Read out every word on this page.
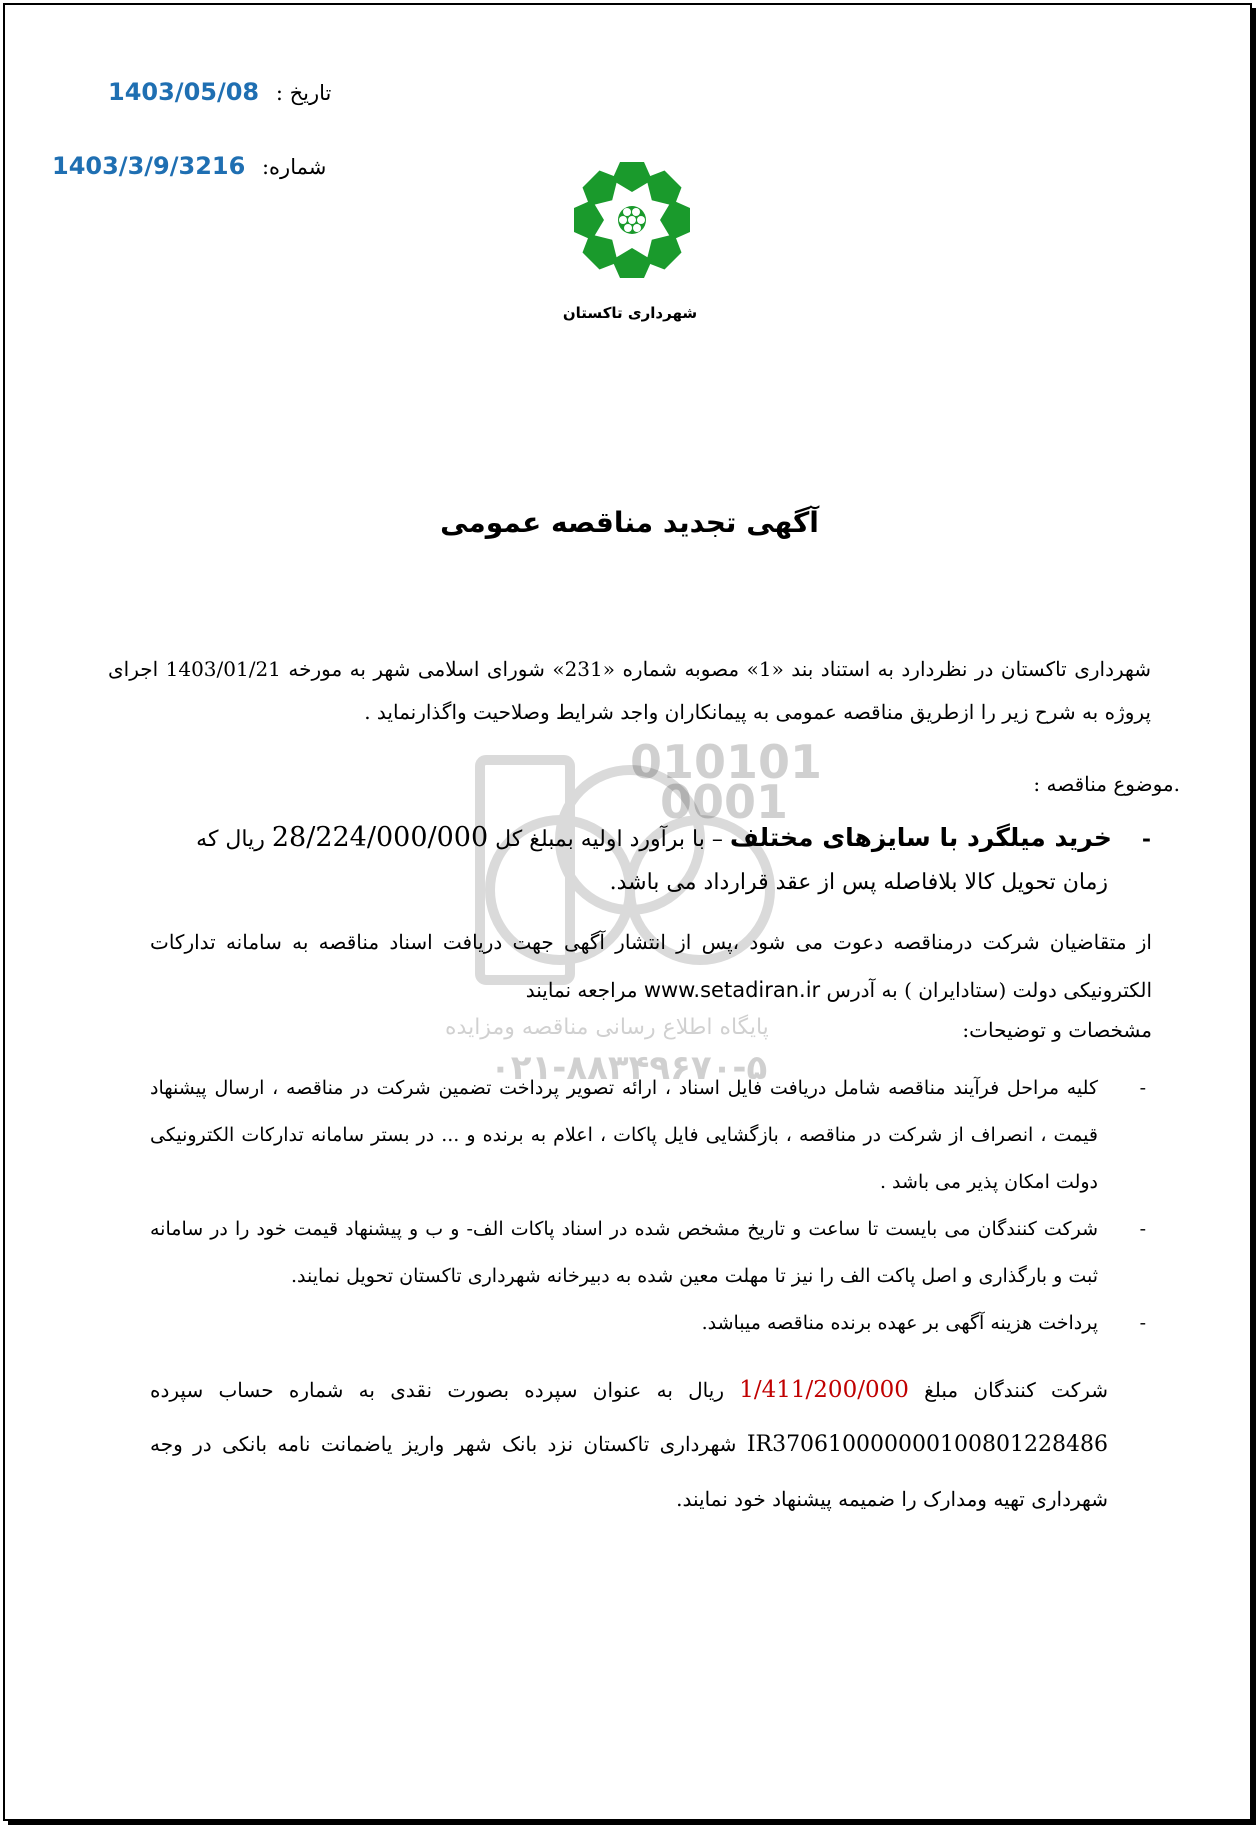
تاریخ : 1403/05/08
شماره: 1403/3/9/3216
شهرداری تاکستان
010101
0001
پایگاه اطلاع رسانی مناقصه ومزایده
۰۲۱-۸۸۳۴۹۶۷۰-۵
آگهی تجدید مناقصه عمومی
شهرداری تاکستان در نظردارد به استناد بند «1» مصوبه شماره «231» شورای اسلامی شهر به مورخه 1403/01/21 اجرای پروژه به شرح زیر را ازطریق مناقصه عمومی به پیمانکاران واجد شرایط وصلاحیت واگذارنماید .
.موضوع مناقصه :
-خرید میلگرد با سایزهای مختلف – با برآورد اولیه بمبلغ کل 28/224/000/000 ریال که
زمان تحویل کالا بلافاصله پس از عقد قرارداد می باشد.
از متقاضیان شرکت درمناقصه دعوت می شود ،پس از انتشار آگهی جهت دریافت اسناد مناقصه به سامانه تدارکات الکترونیکی دولت (ستادایران ) به آدرس www.setadiran.ir مراجعه نمایند
مشخصات و توضیحات:
- کلیه مراحل فرآیند مناقصه شامل دریافت فایل اسناد ، ارائه تصویر پرداخت تضمین شرکت در مناقصه ، ارسال پیشنهاد قیمت ، انصراف از شرکت در مناقصه ، بازگشایی فایل پاکات ، اعلام به برنده و ... در بستر سامانه تدارکات الکترونیکی دولت امکان پذیر می باشد .
- شرکت کنندگان می بایست تا ساعت و تاریخ مشخص شده در اسناد پاکات الف- و ب و پیشنهاد قیمت خود را در سامانه ثبت و بارگذاری و اصل پاکت الف را نیز تا مهلت معین شده به دبیرخانه شهرداری تاکستان تحویل نمایند.
- پرداخت هزینه آگهی بر عهده برنده مناقصه میباشد.
شرکت کنندگان مبلغ 1/411/200/000 ریال به عنوان سپرده بصورت نقدی به شماره حساب سپرده IR370610000000100801228486 شهرداری تاکستان نزد بانک شهر واریز یاضمانت نامه بانکی در وجه شهرداری تهیه ومدارک را ضمیمه پیشنهاد خود نمایند.
